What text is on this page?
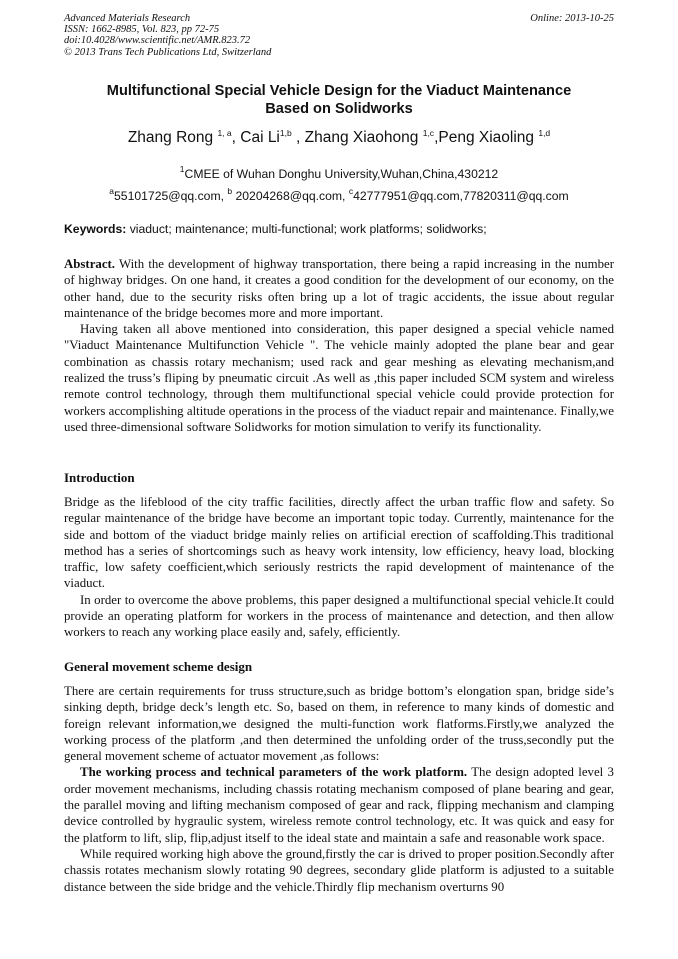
Advanced Materials Research
ISSN: 1662-8985, Vol. 823, pp 72-75
doi:10.4028/www.scientific.net/AMR.823.72
© 2013 Trans Tech Publications Ltd, Switzerland
Online: 2013-10-25
Multifunctional Special Vehicle Design for the Viaduct Maintenance
Based on Solidworks
Zhang Rong $^{1, a}$, Cai Li$^{1,b}$ , Zhang Xiaohong $^{1,c}$,Peng Xiaoling $^{1,d}$
$^1$CMEE of Wuhan Donghu University,Wuhan,China,430212
$^a$55101725@qq.com, $^b$ 20204268@qq.com, $^c$42777951@qq.com,77820311@qq.com
Keywords: viaduct; maintenance; multi-functional; work platforms; solidworks;

Abstract. With the development of highway transportation, there being a rapid increasing in the number of highway bridges. On one hand, it creates a good condition for the development of our economy, on the other hand, due to the security risks often bring up a lot of tragic accidents, the issue about regular maintenance of the bridge becomes more and more important.

Having taken all above mentioned into consideration, this paper designed a special vehicle named "Viaduct Maintenance Multifunction Vehicle ". The vehicle mainly adopted the plane bear and gear combination as chassis rotary mechanism; used rack and gear meshing as elevating mechanism,and realized the truss’s fliping by pneumatic circuit .As well as ,this paper included SCM system and wireless remote control technology, through them multifunctional special vehicle could provide protection for workers accomplishing altitude operations in the process of the viaduct repair and maintenance. Finally,we used three-dimensional software Solidworks for motion simulation to verify its functionality.

Introduction

Bridge as the lifeblood of the city traffic facilities, directly affect the urban traffic flow and safety. So regular maintenance of the bridge have become an important topic today. Currently, maintenance for the side and bottom of the viaduct bridge mainly relies on artificial erection of scaffolding.This traditional method has a series of shortcomings such as heavy work intensity, low efficiency, heavy load, blocking traffic, low safety coefficient,which seriously restricts the rapid development of maintenance of the viaduct.

In order to overcome the above problems, this paper designed a multifunctional special vehicle.It could provide an operating platform for workers in the process of maintenance and detection, and then allow workers to reach any working place easily and, safely, efficiently.

General movement scheme design

There are certain requirements for truss structure,such as bridge bottom’s elongation span, bridge side’s sinking depth, bridge deck’s length etc. So, based on them, in reference to many kinds of domestic and foreign relevant information,we designed the multi-function work flatforms.Firstly,we analyzed the working process of the platform ,and then determined the unfolding order of the truss,secondly put the general movement scheme of actuator movement ,as follows:

The working process and technical parameters of the work platform. The design adopted level 3 order movement mechanisms, including chassis rotating mechanism composed of plane bearing and gear, the parallel moving and lifting mechanism composed of gear and rack, flipping mechanism and clamping device controlled by hygraulic system, wireless remote control technology, etc. It was quick and easy for the platform to lift, slip, flip,adjust itself to the ideal state and maintain a safe and reasonable work space.

While required working high above the ground,firstly the car is drived to proper position.Secondly after chassis rotates mechanism slowly rotating 90 degrees, secondary glide platform is adjusted to a suitable distance between the side bridge and the vehicle.Thirdly flip mechanism overturns 90
